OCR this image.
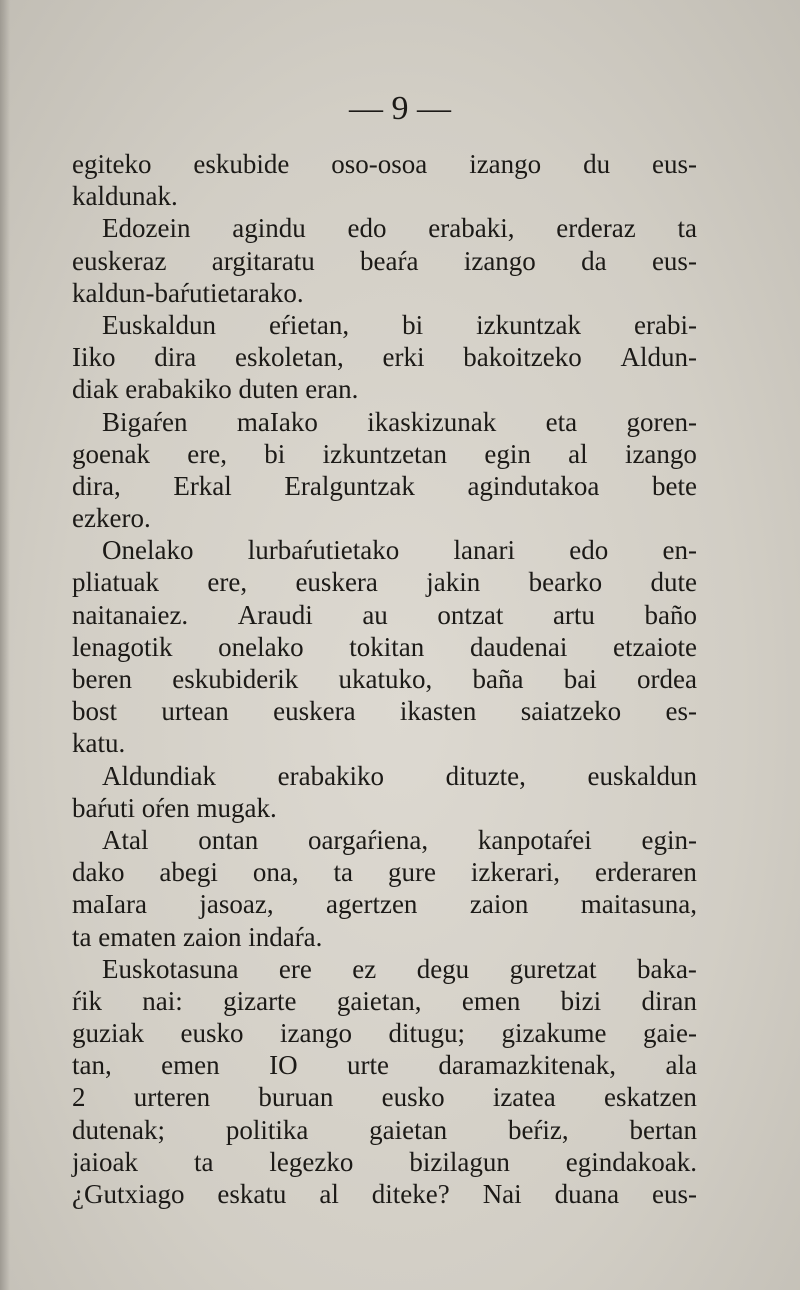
— 9 —
egiteko eskubide oso-osoa izango du eus-
kaldunak.
Edozein agindu edo erabaki, erderaz ta
euskeraz argitaratu beaŕa izango da eus-
kaldun-baŕutietarako.
Euskaldun eŕietan, bi izkuntzak erabi-
Iiko dira eskoletan, erki bakoitzeko Aldun-
diak erabakiko duten eran.
Bigaŕen maIako ikaskizunak eta goren-
goenak ere, bi izkuntzetan egin al izango
dira, Erkal Eralguntzak agindutakoa bete
ezkero.
Onelako lurbaŕutietako lanari edo en-
pliatuak ere, euskera jakin bearko dute
naitanaiez. Araudi au ontzat artu baño
lenagotik onelako tokitan daudenai etzaiote
beren eskubiderik ukatuko, baña bai ordea
bost urtean euskera ikasten saiatzeko es-
katu.
Aldundiak erabakiko dituzte, euskaldun
baŕuti oŕen mugak.
Atal ontan oargaŕiena, kanpotaŕei egin-
dako abegi ona, ta gure izkerari, erderaren
maIara jasoaz, agertzen zaion maitasuna,
ta ematen zaion indaŕa.
Euskotasuna ere ez degu guretzat baka-
ŕik nai: gizarte gaietan, emen bizi diran
guziak eusko izango ditugu; gizakume gaie-
tan, emen IO urte daramazkitenak, ala
2 urteren buruan eusko izatea eskatzen
dutenak; politika gaietan beŕiz, bertan
jaioak ta legezko bizilagun egindakoak.
¿Gutxiago eskatu al diteke? Nai duana eus-
